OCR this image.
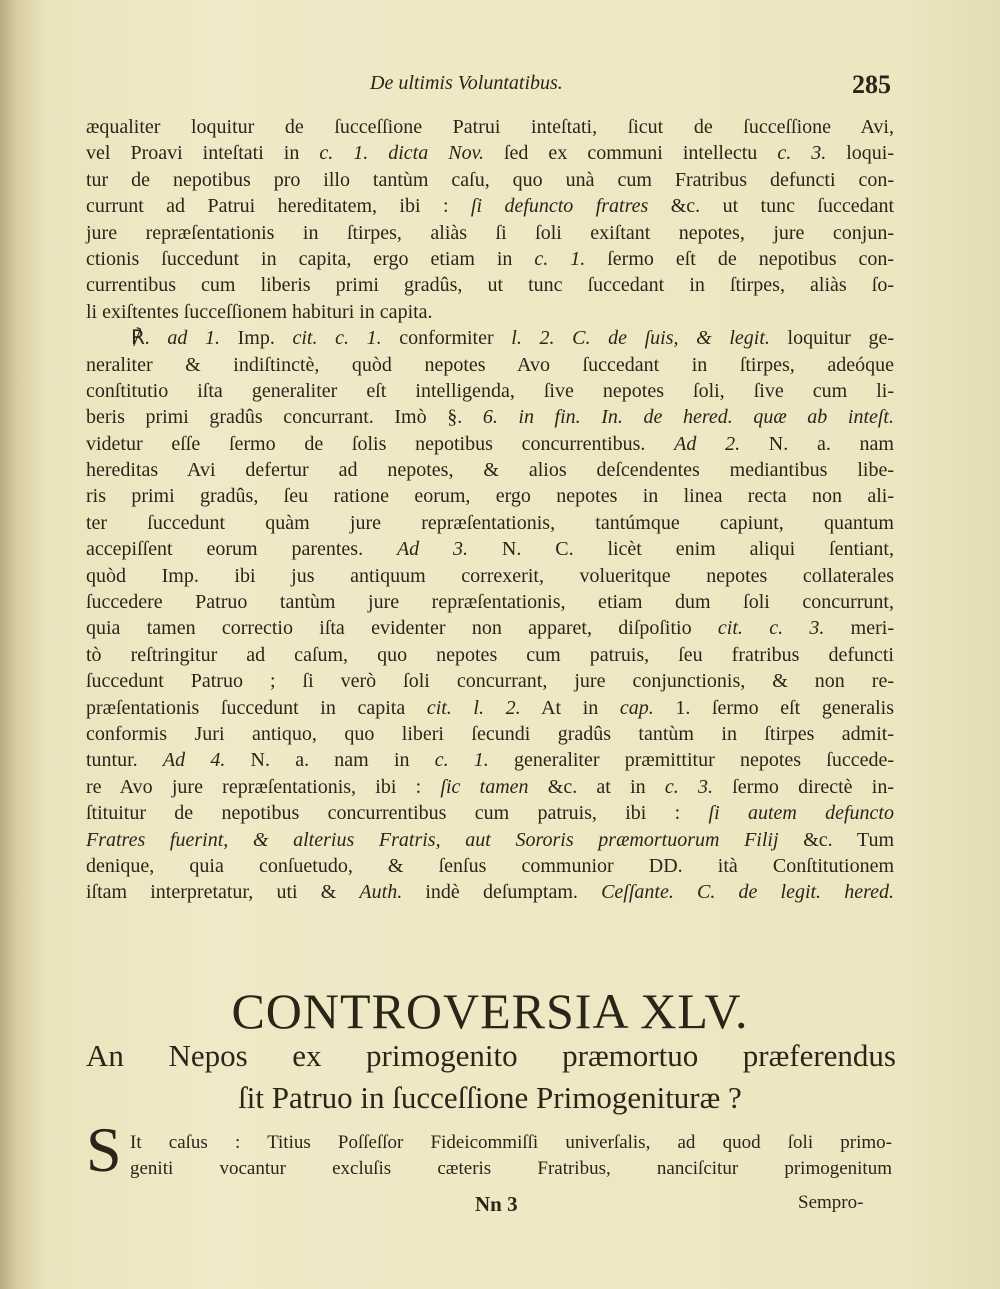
De ultimis Voluntatibus.	285
æqualiter loquitur de ſucceſſione Patrui inteſtati, ſicut de ſucceſſione Avi,
vel Proavi inteſtati in c. 1. dicta Nov. ſed ex communi intellectu c. 3. loqui-
tur de nepotibus pro illo tantùm caſu, quo unà cum Fratribus defuncti con-
currunt ad Patrui hereditatem, ibi : ſi defuncto fratres &c. ut tunc ſuccedant
jure repræſentationis in ſtirpes, aliàs ſi ſoli exiſtant nepotes, jure conjun-
ctionis ſuccedunt in capita, ergo etiam in c. 1. ſermo eſt de nepotibus con-
currentibus cum liberis primi gradûs, ut tunc ſuccedant in ſtirpes, aliàs ſo-
li exiſtentes ſucceſſionem habituri in capita.
℟. ad 1. Imp. cit. c. 1. conformiter l. 2. C. de ſuis, & legit. loquitur ge-
neraliter & indiſtinctè, quòd nepotes Avo ſuccedant in ſtirpes, adeóque
conſtitutio iſta generaliter eſt intelligenda, ſive nepotes ſoli, ſive cum li-
beris primi gradûs concurrant. Imò §. 6. in fin. In. de hered. quæ ab inteſt.
videtur eſſe ſermo de ſolis nepotibus concurrentibus. Ad 2. N. a. nam
hereditas Avi defertur ad nepotes, & alios deſcendentes mediantibus libe-
ris primi gradûs, ſeu ratione eorum, ergo nepotes in linea recta non ali-
ter ſuccedunt quàm jure repræſentationis, tantúmque capiunt, quantum
accepiſſent eorum parentes. Ad 3. N. C. licèt enim aliqui ſentiant,
quòd Imp. ibi jus antiquum correxerit, volueritque nepotes collaterales
ſuccedere Patruo tantùm jure repræſentationis, etiam dum ſoli concurrunt,
quia tamen correctio iſta evidenter non apparet, diſpoſitio cit. c. 3. meri-
tò reſtringitur ad caſum, quo nepotes cum patruis, ſeu fratribus defuncti
ſuccedunt Patruo ; ſi verò ſoli concurrant, jure conjunctionis, & non re-
præſentationis ſuccedunt in capita cit. l. 2. At in cap. 1. ſermo eſt generalis
conformis Juri antiquo, quo liberi ſecundi gradûs tantùm in ſtirpes admit-
tuntur. Ad 4. N. a. nam in c. 1. generaliter præmittitur nepotes ſuccede-
re Avo jure repræſentationis, ibi : ſic tamen &c. at in c. 3. ſermo directè in-
ſtituitur de nepotibus concurrentibus cum patruis, ibi : ſi autem defuncto
Fratres fuerint, & alterius Fratris, aut Sororis præmortuorum Filij &c. Tum
denique, quia conſuetudo, & ſenſus communior DD. ità Conſtitutionem
iſtam interpretatur, uti & Auth. indè deſumptam. Ceſſante. C. de legit. hered.
CONTROVERSIA XLV.
An Nepos ex primogenito præmortuo præferendus
ſit Patruo in ſucceſſione Primogenituræ ?
S It caſus : Titius Poſſeſſor Fideicommiſſi univerſalis, ad quod ſoli primo-
geniti vocantur excluſis cæteris Fratribus, nanciſcitur primogenitum
Nn 3	Sempro-
